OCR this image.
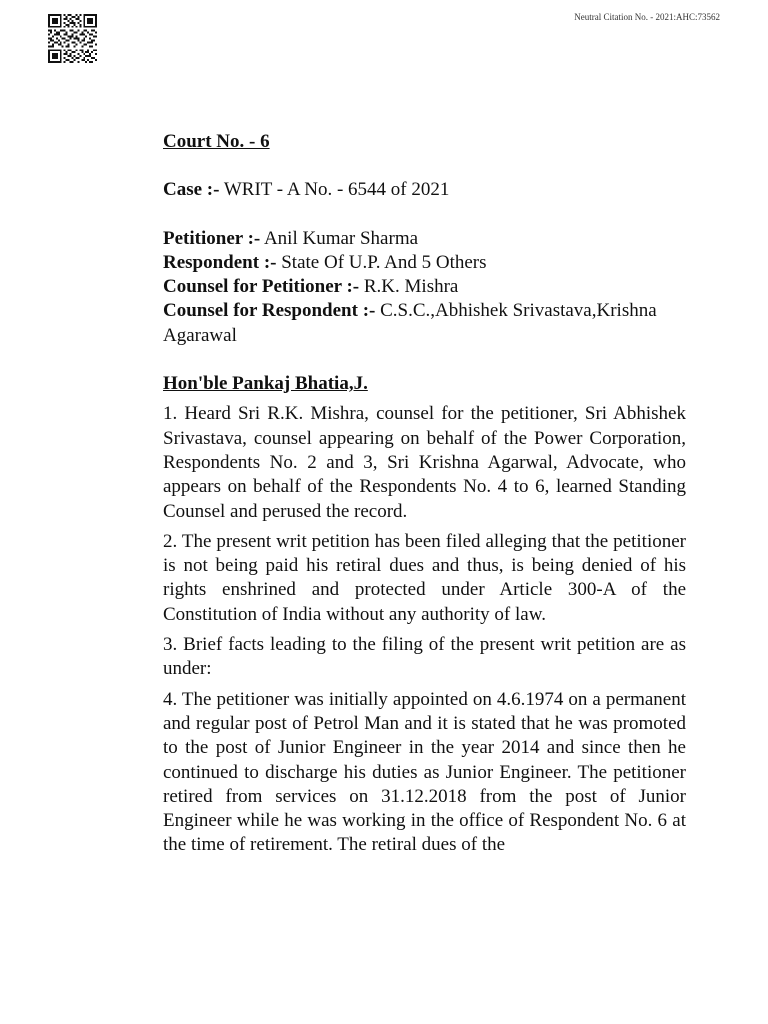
Neutral Citation No. - 2021:AHC:73562

Court No. - 6

Case :- WRIT - A No. - 6544 of 2021

Petitioner :- Anil Kumar Sharma
Respondent :- State Of U.P. And 5 Others
Counsel for Petitioner :- R.K. Mishra
Counsel for Respondent :- C.S.C.,Abhishek Srivastava,Krishna Agarawal

Hon'ble Pankaj Bhatia,J.

1. Heard Sri R.K. Mishra, counsel for the petitioner, Sri Abhishek Srivastava, counsel appearing on behalf of the Power Corporation, Respondents No. 2 and 3, Sri Krishna Agarwal, Advocate, who appears on behalf of the Respondents No. 4 to 6, learned Standing Counsel and perused the record.

2. The present writ petition has been filed alleging that the petitioner is not being paid his retiral dues and thus, is being denied of his rights enshrined and protected under Article 300-A of the Constitution of India without any authority of law.

3. Brief facts leading to the filing of the present writ petition are as under:

4. The petitioner was initially appointed on 4.6.1974 on a permanent and regular post of Petrol Man and it is stated that he was promoted to the post of Junior Engineer in the year 2014 and since then he continued to discharge his duties as Junior Engineer. The petitioner retired from services on 31.12.2018 from the post of Junior Engineer while he was working in the office of Respondent No. 6 at the time of retirement. The retiral dues of the
